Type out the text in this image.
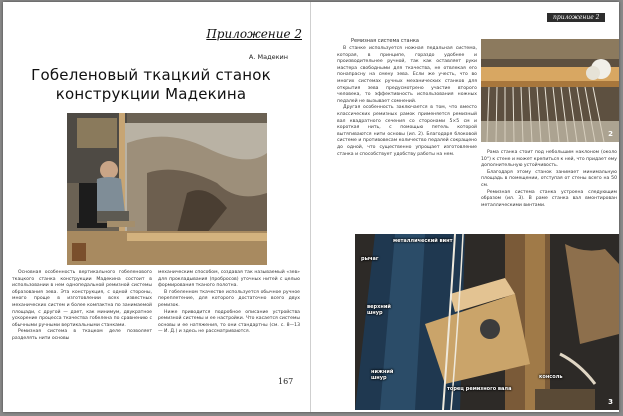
Приложение 2
А. Мадекин
Гобеленовый ткацкий станок
конструкции Мадекина

Основная особенность вертикального гобеленового ткацкого станка конструкции Мадекина состоит в использовании в нем однопедальной ремизной системы образования зева. Эта конструкция, с одной стороны, много проще в изготовлении всех известных механических систем и более компактна по занимаемой площади, с другой — дает, как минимум, двукратное ускорение процесса ткачества гобелена по сравнению с обычными ручными вертикальными станками.

Ремизная система в ткацком деле позволяет разделять нити основы

механическим способом, создавая так называемый «зев» для прокладывания (пробросов) уточных нитей с целью формирования тканого полотна.

В гобеленном ткачестве используется обычное ручное переплетение, для которого достаточно всего двух ремизок.

Ниже приводится подробное описание устройства ремизной системы и ее настройки. Что касается системы основы и ее натяжения, то они стандартны (см. с. 8—13 — И. Д.) и здесь не рассматриваются.

167
приложение 2
Ремизная система станка

В станке используется ножная педальная система, которая, в принципе, гораздо удобнее и производительнее ручной, так как оставляет руки мастера свободными для ткачества, не отвлекая его понапрасну на смену зева. Если же учесть, что во многих системах ручных механических станков для открытия зева предусмотрено участие второго человека, то эффективность использования ножных педалей не вызывает сомнений.

Другая особенность заключается в том, что вместо классических ремизных рамок применяется ремизный вал квадратного сечения со сторонами 5×5 см и короткая нить, с помощью петель которой вытягиваются нити основы (ил. 2). Благодаря блоковой системе и противовесам количество педалей сокращено до одной, что существенно упрощает изготовление станка и способствует удобству работы на нем.

2

Рама станка стоит под небольшим наклоном (около 10°) к стене и может крепиться к ней, что придает ему дополнительную устойчивость.

Благодаря этому станок занимает минимальную площадь в помещении, отступая от стены всего на 50 см.

Ремизная система станка устроена следующим образом (ил. 3). В раме станка вал вмонтирован металлическими винтами.

металлический винт
рычаг
верхний
шнур
нижний
шнур
торец ремизного вала
консоль
3
